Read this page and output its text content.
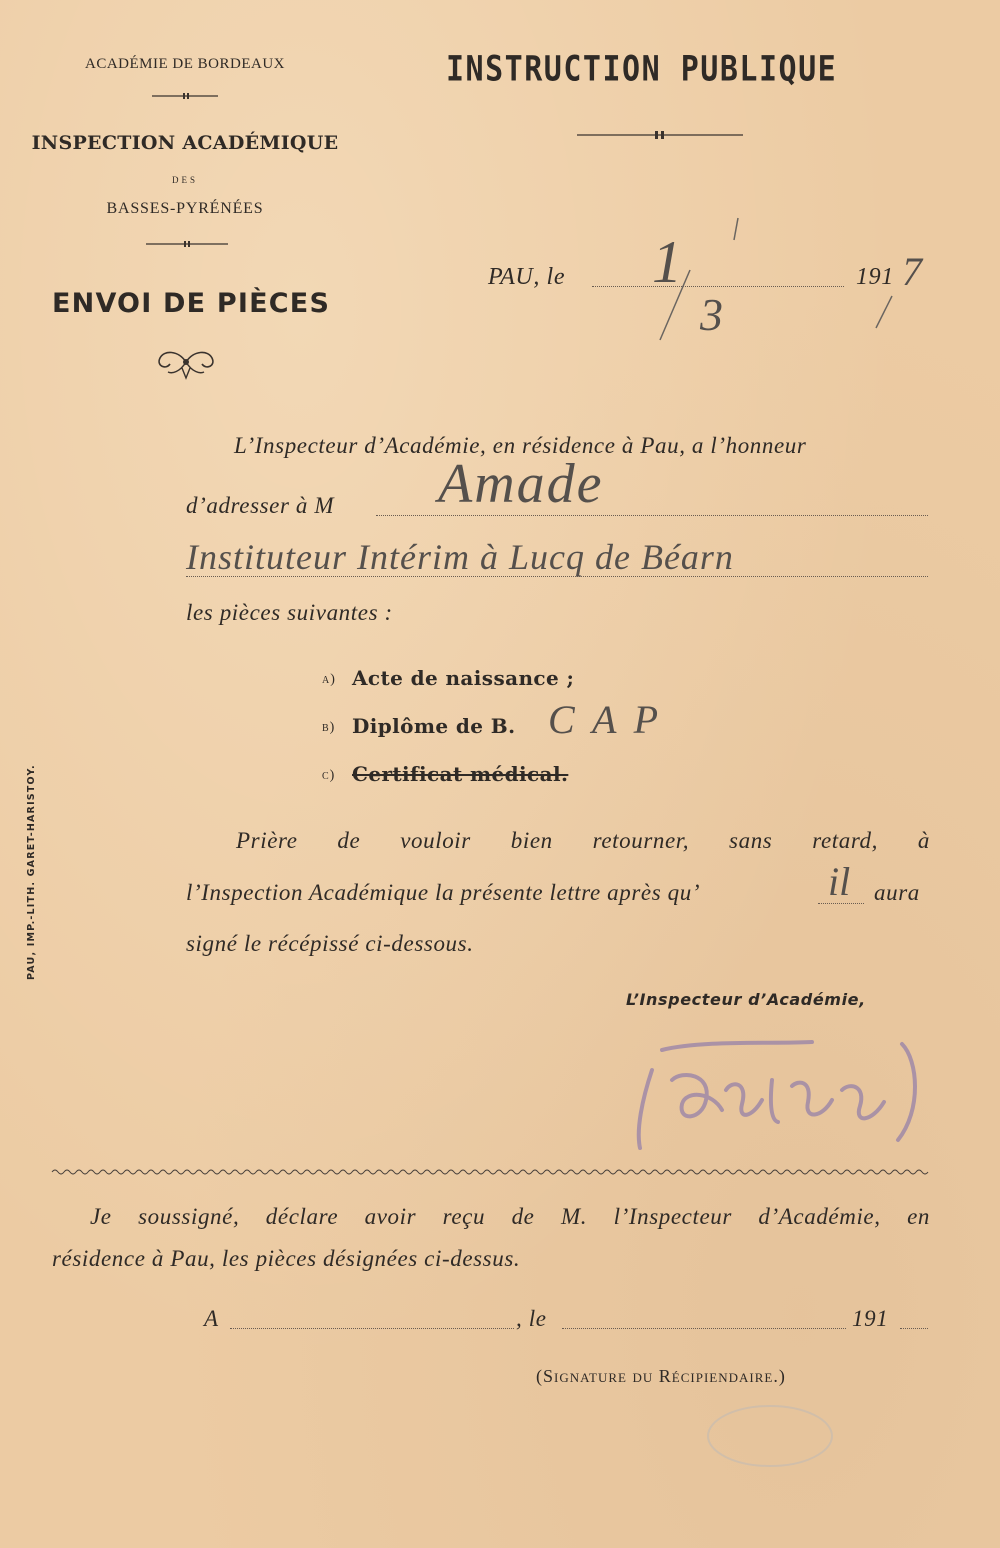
ACADÉMIE DE BORDEAUX
INSPECTION ACADÉMIQUE
DES
BASSES-PYRÉNÉES
ENVOI DE PIÈCES
INSTRUCTION PUBLIQUE
PAU, le 1
3
191 7
L’Inspecteur d’Académie, en résidence à Pau, a l’honneur
d’adresser à M Amade
Instituteur Intérim à Lucq de Béarn
les pièces suivantes :
a) Acte de naissance ;
b) Diplôme de B. C A P
c) Certificat médical.
Prière de vouloir bien retourner, sans retard, à
l’Inspection Académique la présente lettre après qu’	il aura
signé le récépissé ci-dessous.
L’Inspecteur d’Académie,
Je soussigné, déclare avoir reçu de M. l’Inspecteur d’Académie, en
résidence à Pau, les pièces désignées ci-dessus.
A	, le	191
(Signature du Récipiendaire.)
PAU, IMP.-LITH. GARET-HARISTOY.
